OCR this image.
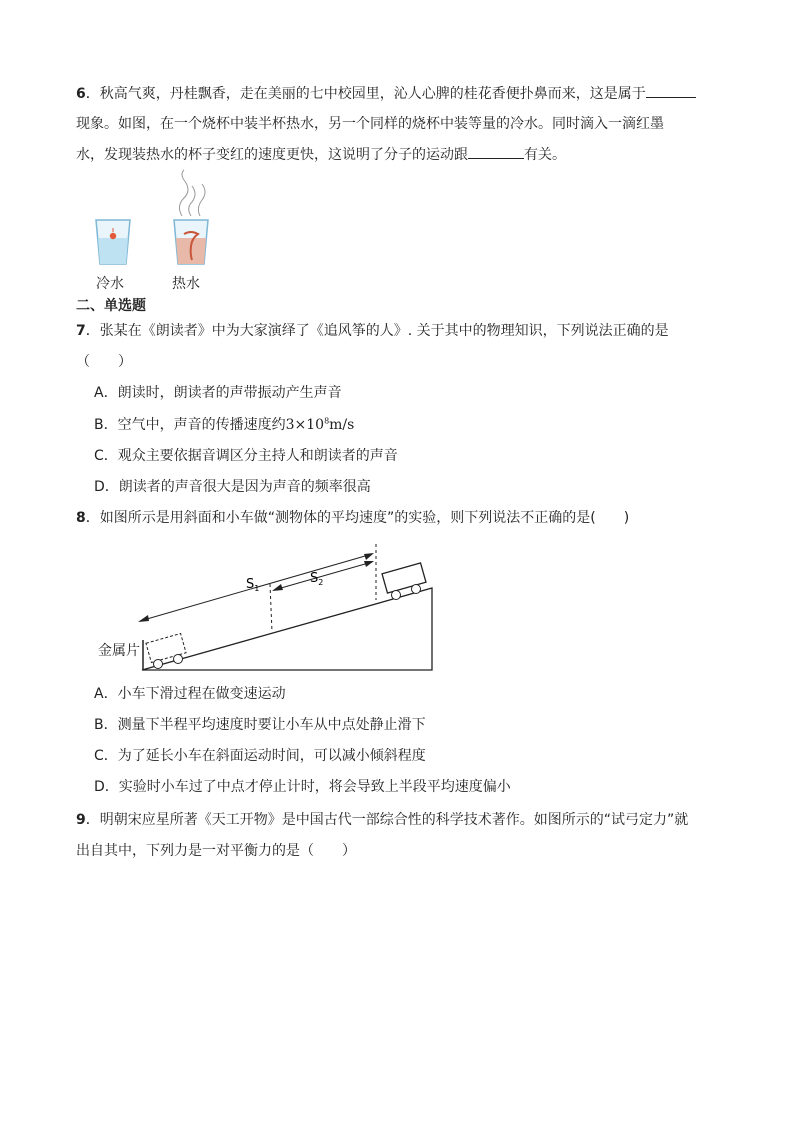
6．秋高气爽，丹桂飘香，走在美丽的七中校园里，沁人心脾的桂花香便扑鼻而来，这是属于
现象。如图，在一个烧杯中装半杯热水，另一个同样的烧杯中装等量的冷水。同时滴入一滴红墨
水，发现装热水的杯子变红的速度更快，这说明了分子的运动跟	有关。
冷水	热水
二、单选题
7．张某在《朗读者》中为大家演绎了《追风筝的人》. 关于其中的物理知识，下列说法正确的是
（　　）
A．朗读时，朗读者的声带振动产生声音
B．空气中，声音的传播速度约$3\times 10^8m/s$
C．观众主要依据音调区分主持人和朗读者的声音
D．朗读者的声音很大是因为声音的频率很高
8．如图所示是用斜面和小车做“测物体的平均速度”的实验，则下列说法不正确的是(　　)
$S_1$
$S_2$
金属片
A．小车下滑过程在做变速运动
B．测量下半程平均速度时要让小车从中点处静止滑下
C．为了延长小车在斜面运动时间，可以减小倾斜程度
D．实验时小车过了中点才停止计时，将会导致上半段平均速度偏小
9．明朝宋应星所著《天工开物》是中国古代一部综合性的科学技术著作。如图所示的“试弓定力”就
出自其中，下列力是一对平衡力的是（　　）
